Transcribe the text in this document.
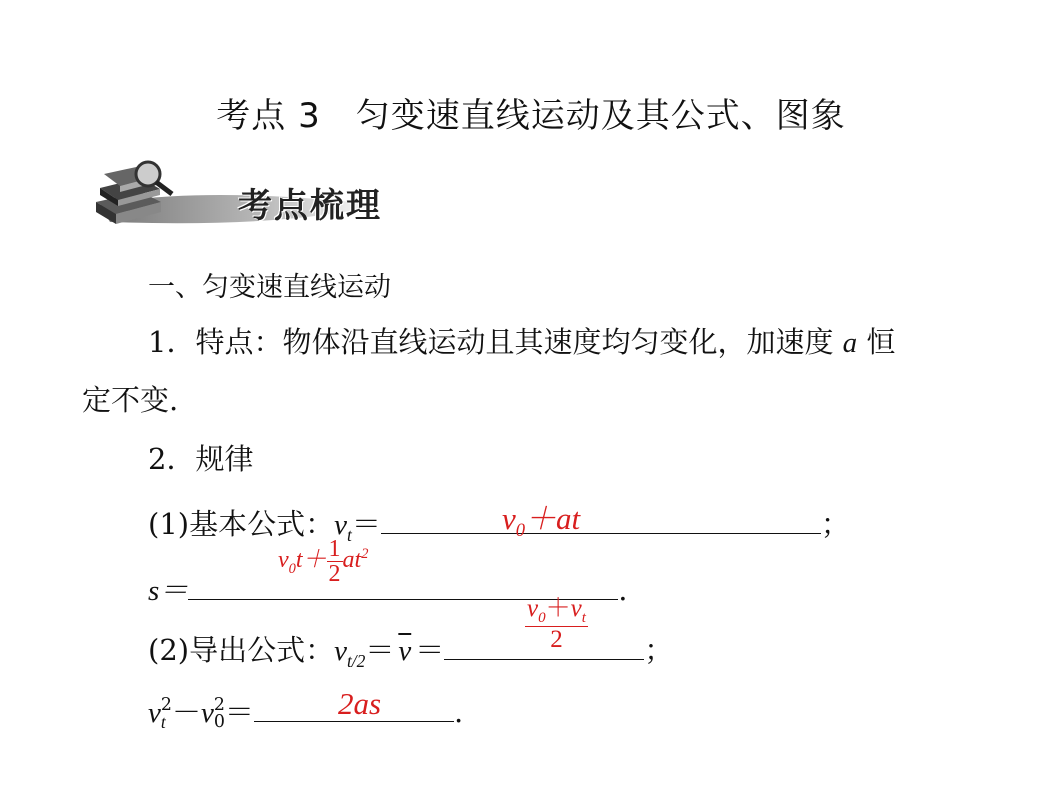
考点 3　匀变速直线运动及其公式、图象
考点梳理
一、匀变速直线运动
1．特点：物体沿直线运动且其速度均匀变化，加速度 a 恒
定不变.
2．规律
(1)基本公式：$v_t=$	；
$v_0+at$
s＝	.
$v_0t+ \frac{1}{2} at^2$
(2)导出公式：$v_{t/2}= \overline{v}$ ＝	；
$\frac{v_0+v_t}{2}$
v 2
t －v 2
0 ＝	.
2as
